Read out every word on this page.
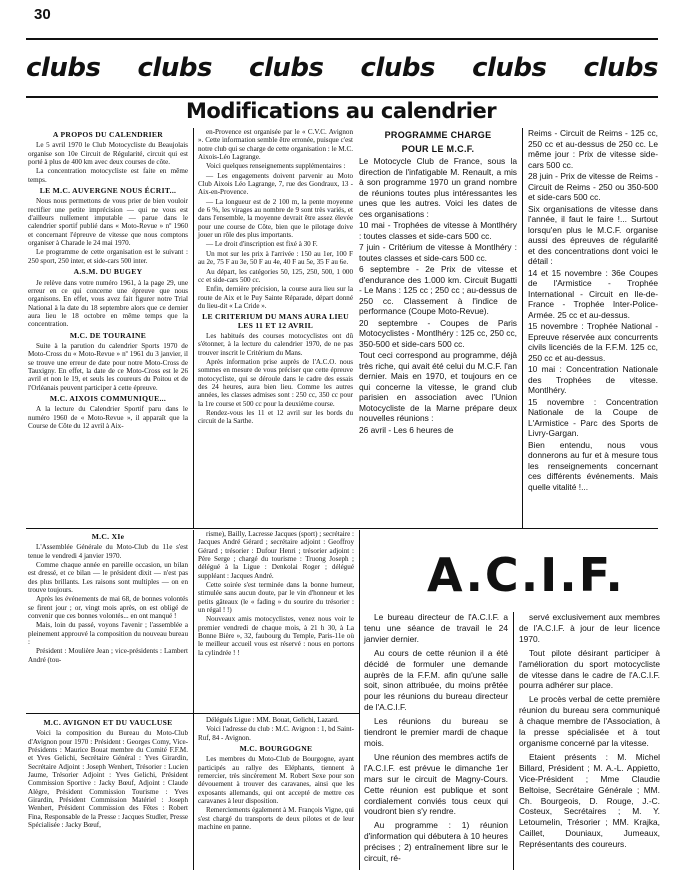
30
clubs clubs clubs clubs clubs clubs
Modifications au calendrier
A PROPOS DU CALENDRIER

Le 5 avril 1970 le Club Motocycliste du Beaujolais organise son 10e Circuit de Régularité, circuit qui est porté à plus de 400 km avec deux courses de côte.

La concentration motocycliste est faite en même temps.

LE M.C. AUVERGNE NOUS ÉCRIT...

Nous nous permettons de vous prier de bien vouloir rectifier une petite imprécision — qui ne vous est d'ailleurs nullement imputable — parue dans le calendrier sportif publié dans « Moto-Revue » nº 1960 et concernant l'épreuve de vitesse que nous comptons organiser à Charade le 24 mai 1970.

Le programme de cette organisation est le suivant : 250 sport, 250 inter, et side-cars 500 inter.

A.S.M. DU BUGEY

Je relève dans votre numéro 1961, à la page 29, une erreur en ce qui concerne une épreuve que nous organisons. En effet, vous avez fait figurer notre Trial National à la date du 18 septembre alors que ce dernier aura lieu le 18 octobre en même temps que la concentration.

M.C. DE TOURAINE

Suite à la parution du calendrier Sports 1970 de Moto-Cross du « Moto-Revue » nº 1961 du 3 janvier, il se trouve une erreur de date pour notre Moto-Cross de Tauxigny. En effet, la date de ce Moto-Cross est le 26 avril et non le 19, et seuls les coureurs du Poitou et de l'Orléanais peuvent participer à cette épreuve.

M.C. AIXOIS COMMUNIQUE...

A la lecture du Calendrier Sportif paru dans le numéro 1960 de « Moto-Revue », il apparaît que la Course de Côte du 12 avril à Aix-

en-Provence est organisée par le « C.V.C. Avignon ». Cette information semble être erronée, puisque c'est notre club qui se charge de cette organisation : le M.C. Aixois-Léo Lagrange.

Voici quelques renseignements supplémentaires :

— Les engagements doivent parvenir au Moto Club Aixois Léo Lagrange, 7, rue des Gondraux, 13 - Aix-en-Provence.

— La longueur est de 2 100 m, la pente moyenne de 6 %, les virages au nombre de 9 sont très variés, et dans l'ensemble, la moyenne devrait être assez élevée pour une course de Côte, bien que le pilotage doive jouer un rôle des plus importants.

— Le droit d'inscription est fixé à 30 F.

Un mot sur les prix à l'arrivée : 150 au 1er, 100 F au 2e, 75 F au 3e, 50 F au 4e, 40 F au 5e, 35 F au 6e.

Au départ, les catégories 50, 125, 250, 500, 1 000 cc et side-cars 500 cc.

Enfin, dernière précision, la course aura lieu sur la route de Aix et le Puy Sainte Réparade, départ donné du lieu-dit « La Cride ».

LE CRITERIUM DU MANS AURA LIEU LES 11 ET 12 AVRIL

Les habitués des courses motocyclistes ont dû s'étonner, à la lecture du calendrier 1970, de ne pas trouver inscrit le Critérium du Mans.

Après information prise auprès de l'A.C.O. nous sommes en mesure de vous préciser que cette épreuve motocycliste, qui se déroule dans le cadre des essais des 24 heures, aura bien lieu. Comme les autres années, les classes admises sont : 250 cc, 350 cc pour la 1re course et 500 cc pour la deuxième course.

Rendez-vous les 11 et 12 avril sur les bords du circuit de la Sarthe.

PROGRAMME CHARGE
POUR LE M.C.F.

Le Motocycle Club de France, sous la direction de l'infatigable M. Renault, a mis à son programme 1970 un grand nombre de réunions toutes plus intéressantes les unes que les autres. Voici les dates de ces organisations :

10 mai - Trophées de vitesse à Montlhéry : toutes classes et side-cars 500 cc.

7 juin - Critérium de vitesse à Montlhéry : toutes classes et side-cars 500 cc.

6 septembre - 2e Prix de vitesse et d'endurance des 1.000 km. Circuit Bugatti - Le Mans : 125 cc ; 250 cc ; au-dessus de 250 cc. Classement à l'indice de performance (Coupe Moto-Revue).

20 septembre - Coupes de Paris Motocyclistes - Montlhéry : 125 cc, 250 cc, 350-500 et side-cars 500 cc.

Tout ceci correspond au programme, déjà très riche, qui avait été celui du M.C.F. l'an dernier. Mais en 1970, et toujours en ce qui concerne la vitesse, le grand club parisien en association avec l'Union Motocycliste de la Marne prépare deux nouvelles réunions :

26 avril - Les 6 heures de

Reims - Circuit de Reims - 125 cc, 250 cc et au-dessus de 250 cc. Le même jour : Prix de vitesse side-cars 500 cc.

28 juin - Prix de vitesse de Reims - Circuit de Reims - 250 ou 350-500 et side-cars 500 cc.

Six organisations de vitesse dans l'année, il faut le faire !... Surtout lorsqu'en plus le M.C.F. organise aussi des épreuves de régularité et des concentrations dont voici le détail :

14 et 15 novembre : 36e Coupes de l'Armistice - Trophée International - Circuit en Ile-de-France - Trophée Inter-Police-Armée. 25 cc et au-dessus.

15 novembre : Trophée National - Epreuve réservée aux concurrents civils licenciés de la F.F.M. 125 cc, 250 cc et au-dessus.

10 mai : Concentration Nationale des Trophées de vitesse. Montlhéry.

15 novembre : Concentration Nationale de la Coupe de L'Armistice - Parc des Sports de Livry-Gargan.

Bien entendu, nous vous donnerons au fur et à mesure tous les renseignements concernant ces différents événements. Mais quelle vitalité !...

M.C. XIe

L'Assemblée Générale du Moto-Club du 11e s'est tenue le vendredi 4 janvier 1970.

Comme chaque année en pareille occasion, un bilan est dressé, et ce bilan — le président dixit — n'est pas des plus brillants. Les raisons sont multiples — on en trouve toujours.

Après les événements de mai 68, de bonnes volontés se firent jour ; or, vingt mois après, on est obligé de convenir que ces bonnes volontés... en ont manqué !

Mais, loin du passé, voyons l'avenir ; l'assemblée a pleinement approuvé la composition du nouveau bureau :

Président : Moulière Jean ; vice-présidents : Lambert André (tou-

risme), Bailly, Lacresse Jacques (sport) ; secrétaire : Jacques André Gérard ; secrétaire adjoint : Geoffroy Gérard ; trésorier : Dufour Henri ; trésorier adjoint : Père Serge ; chargé du tourisme : Truong Joseph ; délégué à la Ligue : Denkolai Roger ; délégué suppléant : Jacques André.

Cette soirée s'est terminée dans la bonne humeur, stimulée sans aucun doute, par le vin d'honneur et les petits gâteaux (le « fading » du sourire du trésorier : un régal ! !)

Nouveaux amis motocyclistes, venez nous voir le premier vendredi de chaque mois, à 21 h 30, à La Bonne Bière », 32, faubourg du Temple, Paris-11e où le meilleur accueil vous est réservé : nous en portons la cylindrée ! !

M.C. AVIGNON ET DU VAUCLUSE

Voici la composition du Bureau du Moto-Club d'Avignon pour 1970 : Président : Georges Comy, Vice-Présidents : Maurice Bouat membre du Comité F.F.M. et Yves Gelichi, Secrétaire Général : Yves Girardin, Secrétaire Adjoint : Joseph Wenhert, Trésorier : Lucien Jaume, Trésorier Adjoint : Yves Gelichi, Président Commission Sportive : Jacky Bœuf, Adjoint : Claude Alègre, Président Commission Tourisme : Yves Girardin, Président Commission Matériel : Joseph Wenhert, Président Commission des Fêtes : Robert Fina, Responsable de la Presse : Jacques Studler, Presse Spécialisée : Jacky Bœuf,

Délégués Ligue : MM. Bouat, Gelichi, Lazard.

Voici l'adresse du club : M.C. Avignon : 1, bd Saint-Ruf, 84 - Avignon.

M.C. BOURGOGNE

Les membres du Moto-Club de Bourgogne, ayant participés au rallye des Eléphants, tiennent à remercier, très sincèrement M. Robert Sexe pour son dévouement à trouver des caravanes, ainsi que les exposants allemands, qui ont accepté de mettre ces caravanes à leur disposition.

Remerciements également à M. François Vigne, qui s'est chargé du transports de deux pilotes et de leur machine en panne.

A.C.I.F.

Le bureau directeur de l'A.C.I.F. a tenu une séance de travail le 24 janvier dernier.

Au cours de cette réunion il a été décidé de formuler une demande auprès de la F.F.M. afin qu'une salle soit, sinon attribuée, du moins prêtée pour les réunions du bureau directeur de l'A.C.I.F.

Les réunions du bureau se tiendront le premier mardi de chaque mois.

Une réunion des membres actifs de l'A.C.I.F. est prévue le dimanche 1er mars sur le circuit de Magny-Cours. Cette réunion est publique et sont cordialement conviés tous ceux qui voudront bien s'y rendre.

Au programme : 1) réunion d'information qui débutera à 10 heures précises ; 2) entraînement libre sur le circuit, ré-

servé exclusivement aux membres de l'A.C.I.F. à jour de leur licence 1970.

Tout pilote désirant participer à l'amélioration du sport motocycliste de vitesse dans le cadre de l'A.C.I.F. pourra adhérer sur place.

Le procès verbal de cette première réunion du bureau sera communiqué à chaque membre de l'Association, à la presse spécialisée et à tout organisme concerné par la vitesse.

Etaient présents : M. Michel Billard, Président ; M. A.-L. Appietto, Vice-Président ; Mme Claudie Beltoise, Secrétaire Générale ; MM. Ch. Bourgeois, D. Rouge, J.-C. Costeux, Secrétaires ; M. Y. Letoumelin, Trésorier ; MM. Krajka, Caillet, Douniaux, Jumeaux, Représentants des coureurs.
